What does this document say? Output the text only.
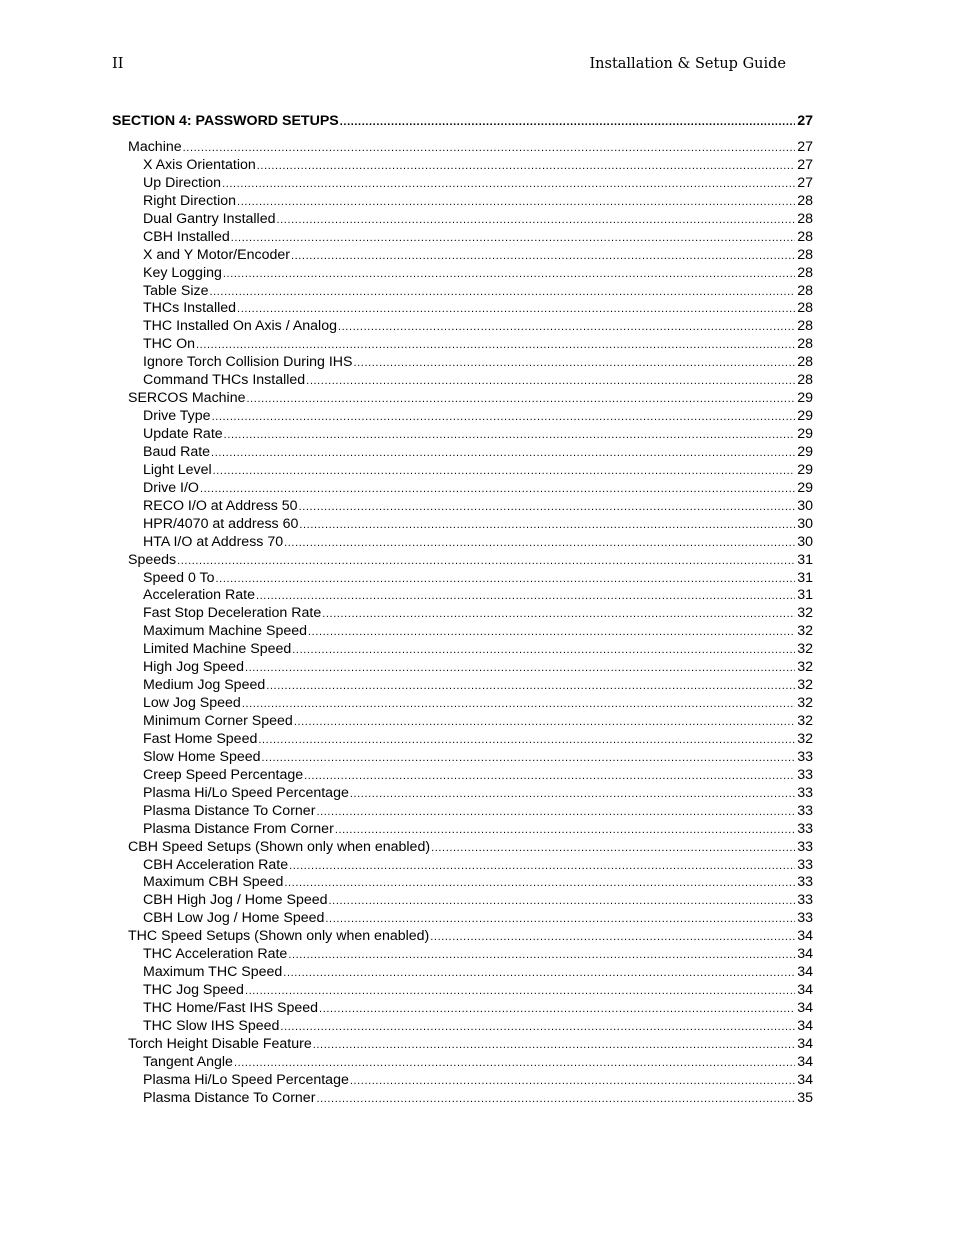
II	Installation & Setup Guide
SECTION 4: PASSWORD SETUPS .....	27
Machine .....	27
X Axis Orientation .....	27
Up Direction .....	27
Right Direction .....	28
Dual Gantry Installed .....	28
CBH Installed .....	28
X and Y Motor/Encoder .....	28
Key Logging .....	28
Table Size .....	28
THCs Installed .....	28
THC Installed On Axis / Analog .....	28
THC On .....	28
Ignore Torch Collision During IHS .....	28
Command THCs Installed .....	28
SERCOS Machine .....	29
Drive Type .....	29
Update Rate .....	29
Baud Rate .....	29
Light Level .....	29
Drive I/O .....	29
RECO I/O at Address 50 .....	30
HPR/4070 at address 60 .....	30
HTA I/O at Address 70 .....	30
Speeds .....	31
Speed 0 To .....	31
Acceleration Rate .....	31
Fast Stop Deceleration Rate .....	32
Maximum Machine Speed .....	32
Limited Machine Speed .....	32
High Jog Speed .....	32
Medium Jog Speed .....	32
Low Jog Speed .....	32
Minimum Corner Speed .....	32
Fast Home Speed .....	32
Slow Home Speed .....	33
Creep Speed Percentage .....	33
Plasma Hi/Lo Speed Percentage .....	33
Plasma Distance To Corner .....	33
Plasma Distance From Corner .....	33
CBH Speed Setups (Shown only when enabled) .....	33
CBH Acceleration Rate .....	33
Maximum CBH Speed .....	33
CBH High Jog / Home Speed .....	33
CBH Low Jog / Home Speed .....	33
THC Speed Setups (Shown only when enabled) .....	34
THC Acceleration Rate .....	34
Maximum THC Speed .....	34
THC Jog Speed .....	34
THC Home/Fast IHS Speed .....	34
THC Slow IHS Speed .....	34
Torch Height Disable Feature .....	34
Tangent Angle .....	34
Plasma Hi/Lo Speed Percentage .....	34
Plasma Distance To Corner .....	35
